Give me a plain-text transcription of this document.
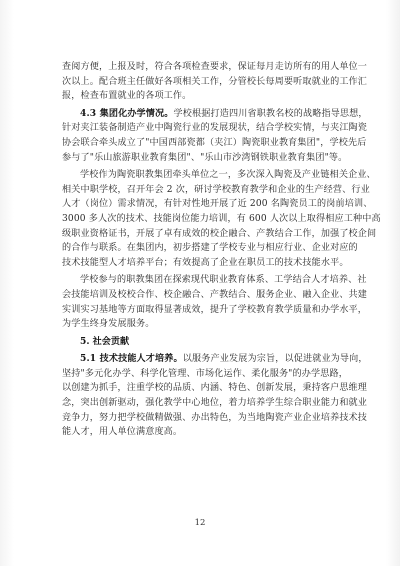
查阅方便，上报及时，符合各项检查要求，保证每月走访所有的用人单位一
次以上。配合班主任做好各项相关工作，分管校长每周要听取就业的工作汇
报，检查布置就业的各项工作。
4.3 集团化办学情况。学校根据打造四川省职教名校的战略指导思想，
针对夹江装备制造产业中陶瓷行业的发展现状，结合学校实情，与夹江陶瓷
协会联合牵头成立了"中国西部瓷都（夹江）陶瓷职业教育集团"，学校先后
参与了"乐山旅游职业教育集团"、"乐山市沙湾钢铁职业教育集团"等。
学校作为陶瓷职教集团牵头单位之一，多次深入陶瓷及产业链相关企业、
相关中职学校，召开年会 2 次，研讨学校教育教学和企业的生产经营、行业
人才（岗位）需求情况，有针对性地开展了近 200 名陶瓷员工的岗前培训、
3000 多人次的技术、技能岗位能力培训，有 600 人次以上取得相应工种中高
级职业资格证书，开展了卓有成效的校企融合、产教结合工作，加强了校企间
的合作与联系。在集团内，初步搭建了学校专业与相应行业、企业对应的
技术技能型人才培养平台；有效提高了企业在职员工的技术技能水平。
学校参与的职教集团在探索现代职业教育体系、工学结合人才培养、社
会技能培训及校校合作、校企融合、产教结合、服务企业、融入企业、共建
实训实习基地等方面取得显著成效，提升了学校教育教学质量和办学水平，
为学生终身发展服务。
5. 社会贡献
5.1 技术技能人才培养。以服务产业发展为宗旨，以促进就业为导向，
坚持"多元化办学、科学化管理、市场化运作、柔化服务"的办学思路，
以创建为抓手，注重学校的品质、内涵、特色、创新发展，秉持客户思维理
念，突出创新驱动，强化教学中心地位，着力培养学生综合职业能力和就业
竞争力，努力把学校做精做强、办出特色，为当地陶瓷产业企业培养技术技
能人才，用人单位满意度高。
12
